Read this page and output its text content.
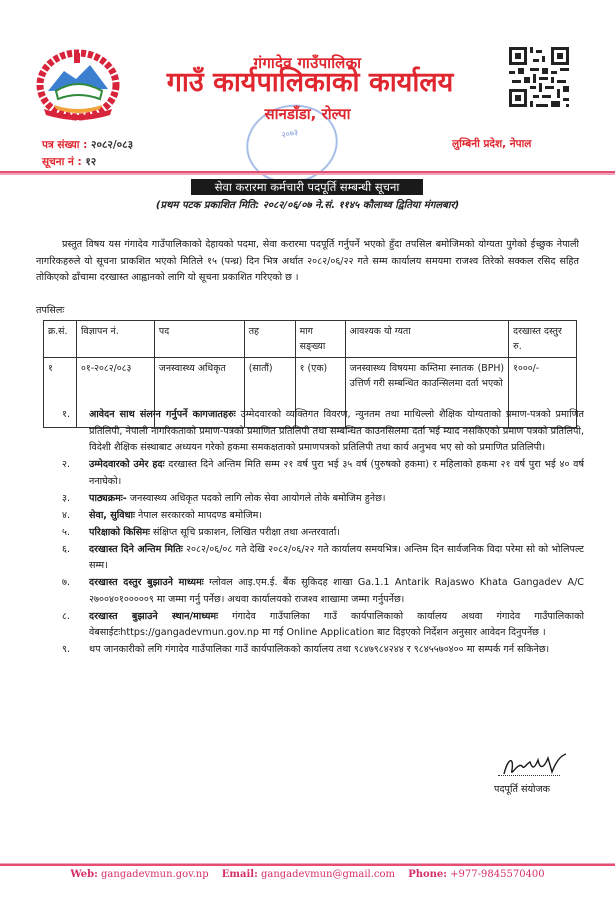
गंगादेव गाउँपालिका
गाउँ कार्यपालिकाको कार्यालय
२०७३
सानडाँडा, रोल्पा
पत्र संख्या : २०८२/०८३
सूचना नं : १२
लुम्बिनी प्रदेश, नेपाल
सेवा करारमा कर्मचारी पदपूर्ति सम्बन्धी सूचना
(प्रथम पटक प्रकाशित मिति: २०८२/०६/०७ ने.सं. ११४५ कौलाथ्व द्वितिया मंगलबार)

प्रस्तुत विषय यस गंगादेव गाउँपालिकाको देहायको पदमा, सेवा करारमा पदपूर्ति गर्नुपर्ने भएको हुँदा तपसिल बमोजिमको योग्यता पुगेको ईच्छुक नेपाली नागरिकहरुले यो सूचना प्राकशित भएको मितिले १५ (पन्ध्र) दिन भित्र अर्थात २०८२/०६/२२ गते सम्म कार्यालय समयमा राजश्व तिरेको सक्कल रसिद सहित तोकिएको ढाँचामा दरखास्त आह्वानको लागि यो सूचना प्रकाशित गरिएको छ ।

तपसिलः
क्र.सं.	विज्ञापन नं.	पद	तह	माग सङ्ख्या	आवश्यक यो ग्यता	दरखास्त दस्तुर रु.
१	०१-२०८२/०८३	जनस्वास्थ्य अधिकृत	(सातौं)	१ (एक)	जनस्वास्थ्य विषयमा कम्तिमा स्नातक (BPH) उत्तिर्ण गरी सम्बन्धित काउन्सिलमा दर्ता भएको	१०००/-
१.	आवेदन साथ संलग्न गर्नुपर्ने कागजातहरुः उम्मेदवारको व्यक्तिगत विवरण, न्युनतम तथा माथिल्लो शैक्षिक योग्यताको प्रमाण-पत्रको प्रमाणित प्रतिलिपी, नेपाली नागरिकताको प्रमाण-पत्रको प्रमाणित प्रतिलिपी तथा सम्बन्धित काउनसिलमा दर्ता भई म्याद नसकिएको प्रमाण पत्रको प्रतिलिपी, विदेशी शैक्षिक संस्थाबाट अध्ययन गरेको हकमा समकक्षताको प्रमाणपत्रको प्रतिलिपी तथा कार्य अनुभव भए सो को प्रमाणित प्रतिलिपी।
२.	उम्मेदवारको उमेर हदः दरखास्त दिने अन्तिम मिति सम्म २१ वर्ष पुरा भई ३५ वर्ष (पुरुषको हकमा) र महिलाको हकमा २१ वर्ष पुरा भई ४० वर्ष ननाघेको।
३.	पाठ्यक्रमः- जनस्वास्थ्य अधिकृत पदको लागि लोक सेवा आयोगले तोके बमोजिम हुनेछ।
४.	सेवा, सुविधाः नेपाल सरकारको मापदण्ड बमोजिम।
५.	परिक्षाको किसिमः संक्षिप्त सूचि प्रकाशन, लिखित परीक्षा तथा अन्तरवार्ता।
६.	दरखास्त दिने अन्तिम मितिः २०८२/०६/०८ गते देखि २०८२/०६/२२ गते कार्यालय समयभित्र। अन्तिम दिन सार्वजनिक विदा परेमा सो को भोलिपल्ट सम्म।
७.	दरखास्त दस्तुर बुझाउने माध्यमः ग्लोवल आइ.एम.ई. बैंक सुकिदह शाखा Ga.1.1 Antarik Rajaswo Khata Gangadev A/C २७००४०१०००००९ मा जम्मा गर्नु पर्नेछ। अथवा कार्यालयको राजश्व शाखामा जम्मा गर्नुपर्नेछ।
८.	दरखास्त बुझाउने स्थान/माध्यमः गंगादेव गाउँपालिका गाउँ कार्यपालिकाको कार्यालय अथवा गंगादेव गाउँपालिकाको वेबसाईटःhttps://gangadevmun.gov.np मा गई Online Application बाट दिइएको निर्देशन अनुसार आवेदन दिनुपर्नेछ ।
९.	थप जानकारीको लगि गंगादेव गाउँपालिका गाउँ कार्यपालिकको कार्यालय तथा ९८४७९८४२४४ र ९८४५५७०४०० मा सम्पर्क गर्न सकिनेछ।
पदपूर्ति संयोजक
Web: gangadevmun.gov.np Email: gangadevmun@gmail.com Phone: +977-9845570400
